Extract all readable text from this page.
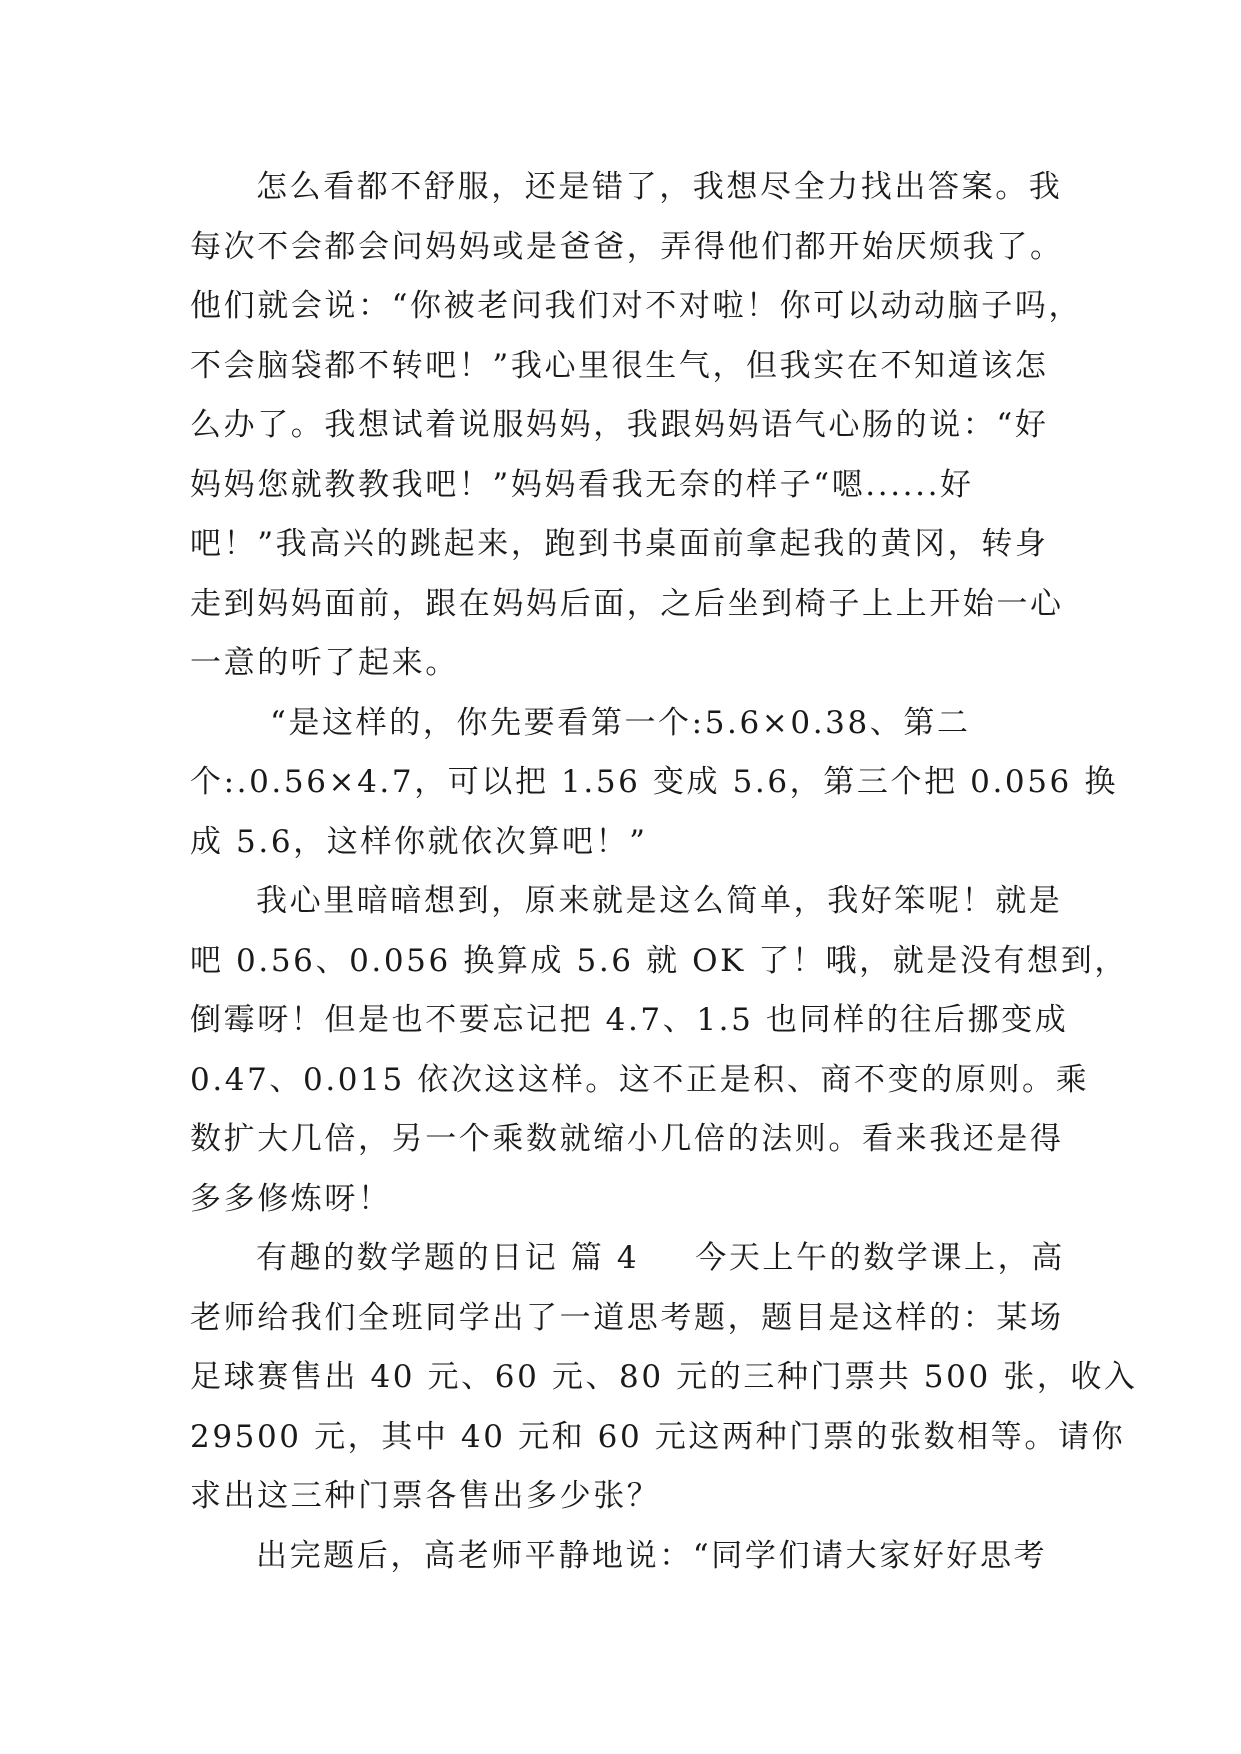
怎么看都不舒服，还是错了，我想尽全力找出答案。我
每次不会都会问妈妈或是爸爸，弄得他们都开始厌烦我了。
他们就会说：“你被老问我们对不对啦！你可以动动脑子吗，
不会脑袋都不转吧！”我心里很生气，但我实在不知道该怎
么办了。我想试着说服妈妈，我跟妈妈语气心肠的说：“好
妈妈您就教教我吧！”妈妈看我无奈的样子“嗯......好
吧！”我高兴的跳起来，跑到书桌面前拿起我的黄冈，转身
走到妈妈面前，跟在妈妈后面，之后坐到椅子上上开始一心
一意的听了起来。
“是这样的，你先要看第一个:5.6×0.38、第二
个:.0.56×4.7，可以把 1.56 变成 5.6，第三个把 0.056 换
成 5.6，这样你就依次算吧！”
我心里暗暗想到，原来就是这么简单，我好笨呢！就是
吧 0.56、0.056 换算成 5.6 就 OK 了！哦，就是没有想到，
倒霉呀！但是也不要忘记把 4.7、1.5 也同样的往后挪变成
0.47、0.015 依次这这样。这不正是积、商不变的原则。乘
数扩大几倍，另一个乘数就缩小几倍的法则。看来我还是得
多多修炼呀！
有趣的数学题的日记 篇 4 今天上午的数学课上，高
老师给我们全班同学出了一道思考题，题目是这样的：某场
足球赛售出 40 元、60 元、80 元的三种门票共 500 张，收入
29500 元，其中 40 元和 60 元这两种门票的张数相等。请你
求出这三种门票各售出多少张？
出完题后，高老师平静地说：“同学们请大家好好思考
